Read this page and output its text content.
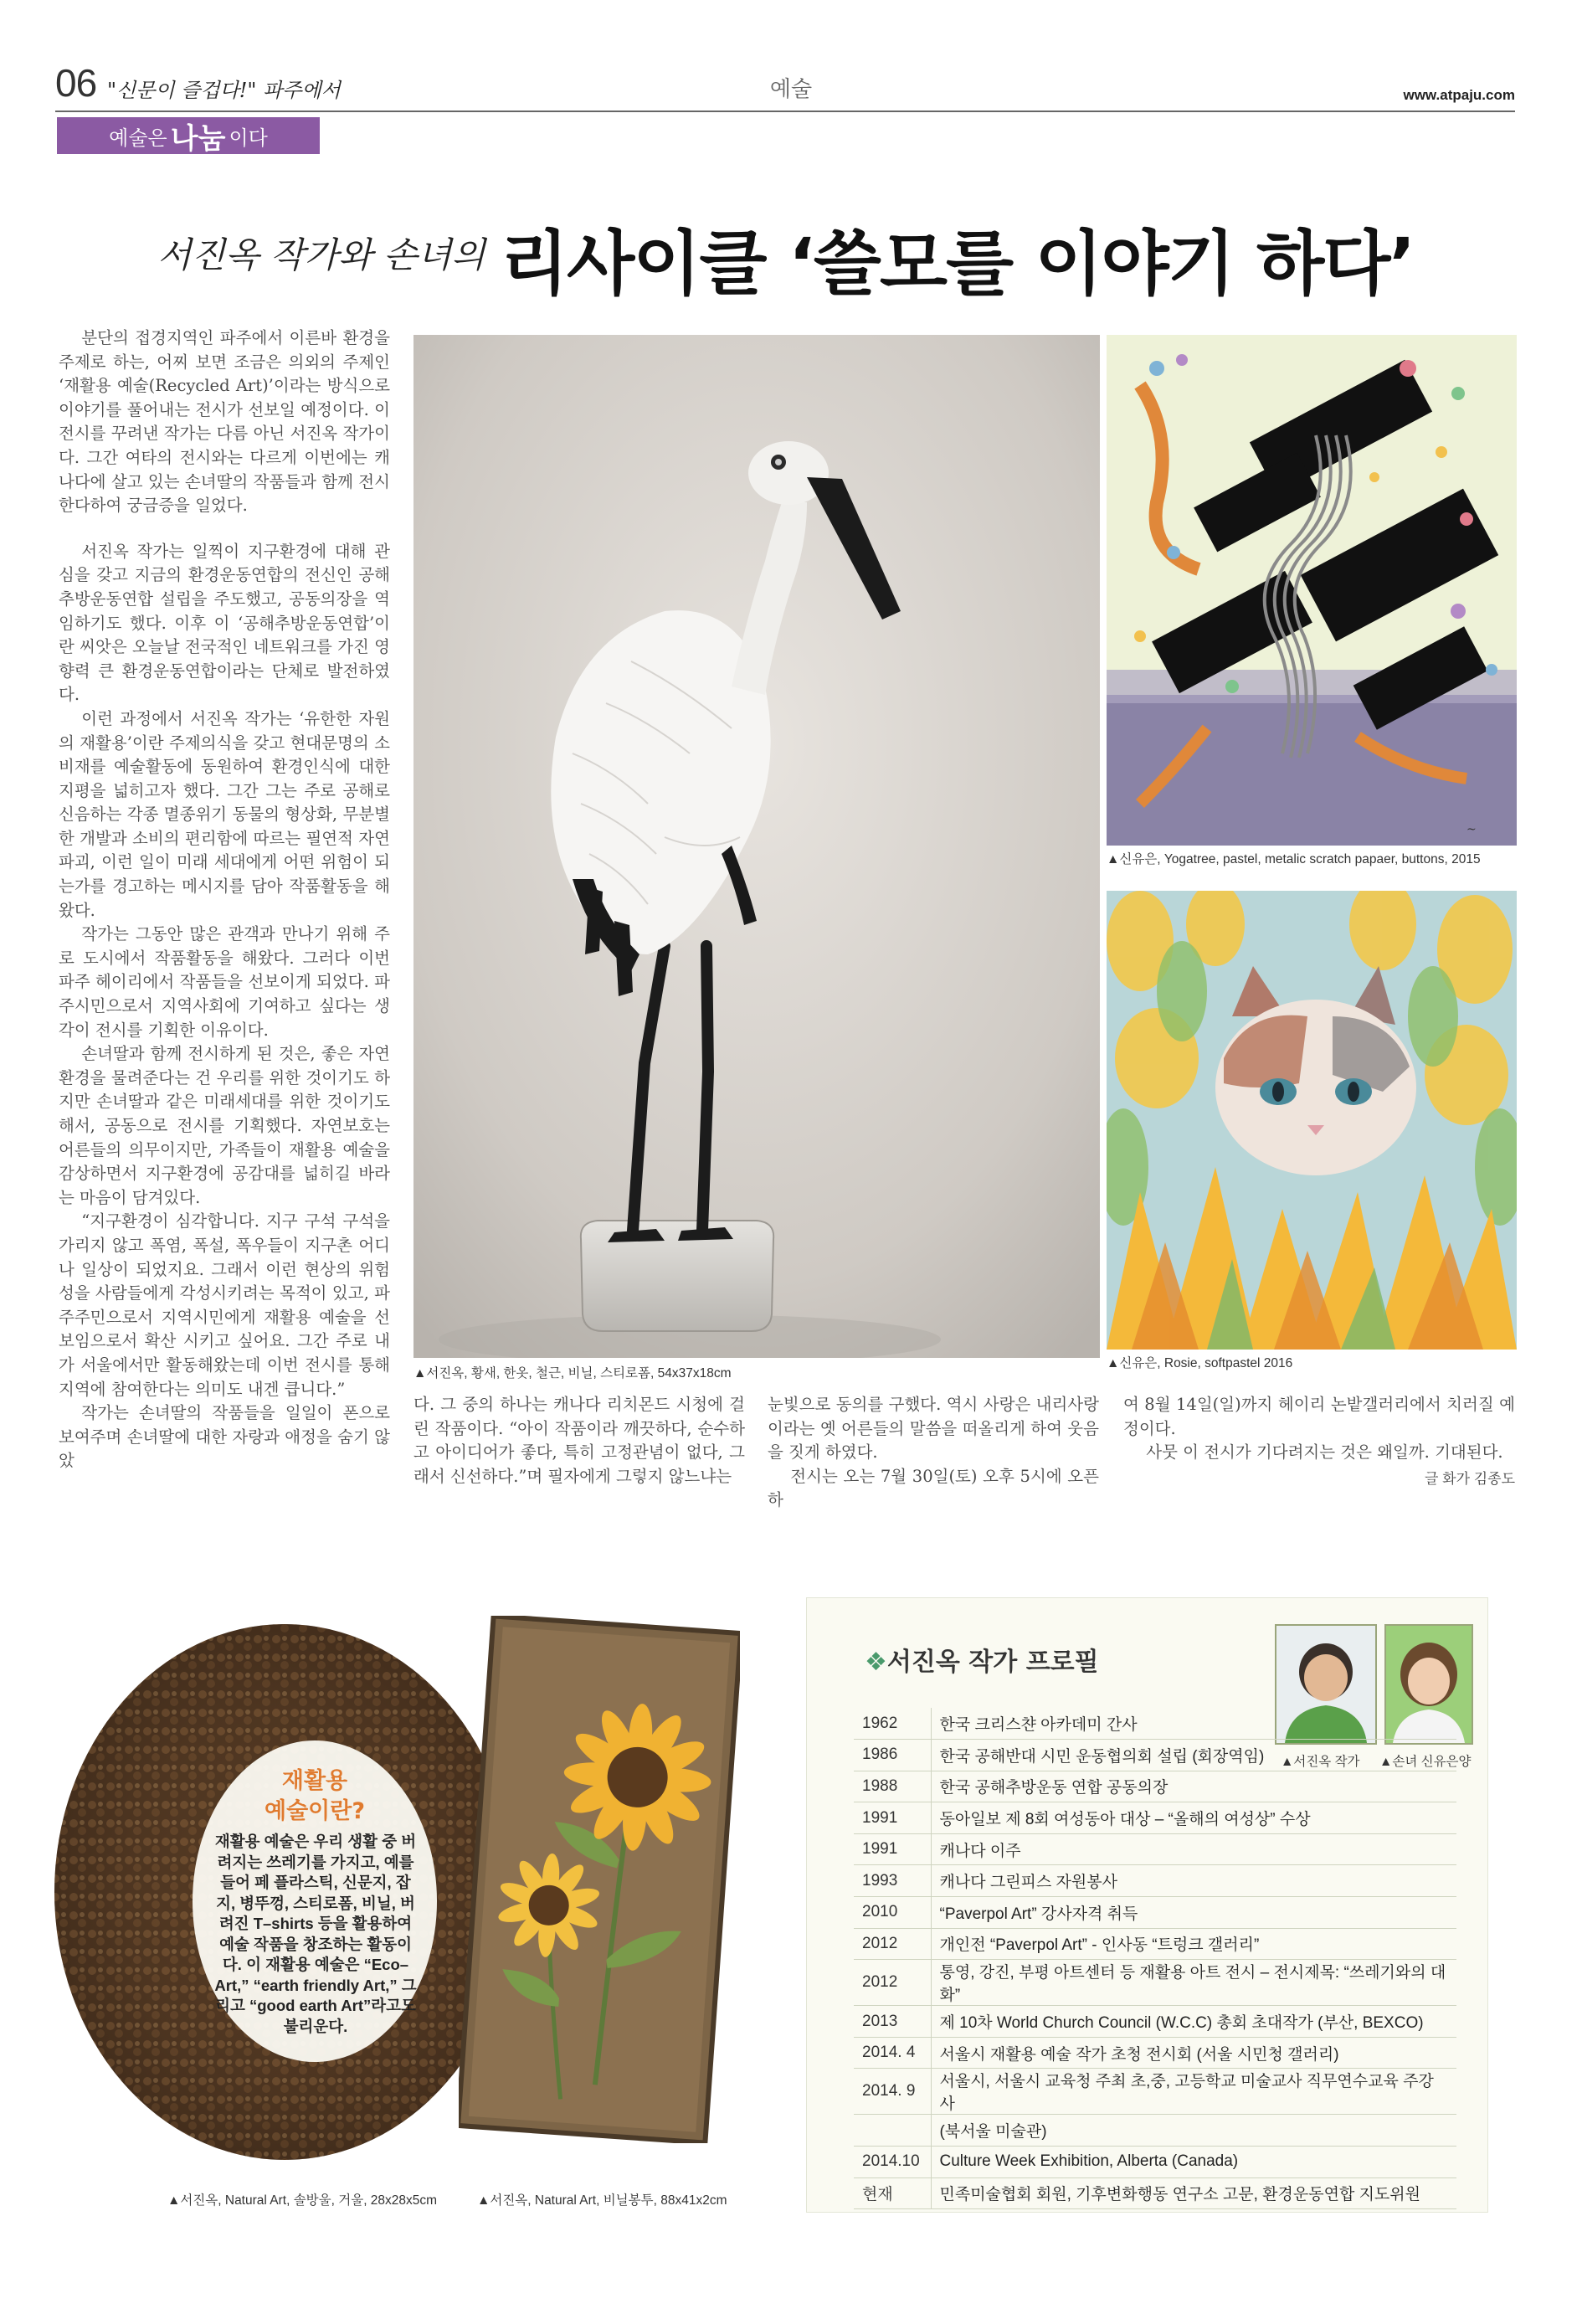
06 "신문이 즐겁다!" 파주에서	예술	www.atpaju.com
예술은 나눔 이다
서진옥 작가와 손녀의 리사이클 ‘쓸모를 이야기 하다’

분단의 접경지역인 파주에서 이른바 환경을 주제로 하는, 어찌 보면 조금은 의외의 주제인 ‘재활용 예술(Recycled Art)’이라는 방식으로 이야기를 풀어내는 전시가 선보일 예정이다. 이 전시를 꾸려낸 작가는 다름 아닌 서진옥 작가이다. 그간 여타의 전시와는 다르게 이번에는 캐나다에 살고 있는 손녀딸의 작품들과 함께 전시한다하여 궁금증을 일었다.

서진옥 작가는 일찍이 지구환경에 대해 관심을 갖고 지금의 환경운동연합의 전신인 공해추방운동연합 설립을 주도했고, 공동의장을 역임하기도 했다. 이후 이 ‘공해추방운동연합’이란 씨앗은 오늘날 전국적인 네트워크를 가진 영향력 큰 환경운동연합이라는 단체로 발전하였다.

이런 과정에서 서진옥 작가는 ‘유한한 자원의 재활용’이란 주제의식을 갖고 현대문명의 소비재를 예술활동에 동원하여 환경인식에 대한 지평을 넓히고자 했다. 그간 그는 주로 공해로 신음하는 각종 멸종위기 동물의 형상화, 무분별한 개발과 소비의 편리함에 따르는 필연적 자연파괴, 이런 일이 미래 세대에게 어떤 위험이 되는가를 경고하는 메시지를 담아 작품활동을 해왔다.

작가는 그동안 많은 관객과 만나기 위해 주로 도시에서 작품활동을 해왔다. 그러다 이번 파주 헤이리에서 작품들을 선보이게 되었다. 파주시민으로서 지역사회에 기여하고 싶다는 생각이 전시를 기획한 이유이다.

손녀딸과 함께 전시하게 된 것은, 좋은 자연환경을 물려준다는 건 우리를 위한 것이기도 하지만 손녀딸과 같은 미래세대를 위한 것이기도 해서, 공동으로 전시를 기획했다. 자연보호는 어른들의 의무이지만, 가족들이 재활용 예술을 감상하면서 지구환경에 공감대를 넓히길 바라는 마음이 담겨있다.

“지구환경이 심각합니다. 지구 구석 구석을 가리지 않고 폭염, 폭설, 폭우들이 지구촌 어디나 일상이 되었지요. 그래서 이런 현상의 위험성을 사람들에게 각성시키려는 목적이 있고, 파주주민으로서 지역시민에게 재활용 예술을 선보임으로서 확산 시키고 싶어요. 그간 주로 내가 서울에서만 활동해왔는데 이번 전시를 통해 지역에 참여한다는 의미도 내겐 큽니다.”

작가는 손녀딸의 작품들을 일일이 폰으로 보여주며 손녀딸에 대한 자랑과 애정을 숨기 않았

▲서진옥, 황새, 한옷, 철근, 비닐, 스티로폼, 54x37x18cm
~
▲신유은, Yogatree, pastel, metalic scratch papaer, buttons, 2015
▲신유은, Rosie, softpastel 2016

다. 그 중의 하나는 캐나다 리치몬드 시청에 걸린 작품이다. “아이 작품이라 깨끗하다, 순수하고 아이디어가 좋다, 특히 고정관념이 없다, 그래서 신선하다.”며 필자에게 그렇지 않느냐는

눈빛으로 동의를 구했다. 역시 사랑은 내리사랑이라는 옛 어른들의 말씀을 떠올리게 하여 웃음을 짓게 하였다.

전시는 오는 7월 30일(토) 오후 5시에 오픈하

여 8월 14일(일)까지 헤이리 논밭갤러리에서 치러질 예정이다.

사뭇 이 전시가 기다려지는 것은 왜일까. 기대된다.

글 화가 김종도
재활용
예술이란?
재활용 예술은 우리 생활 중 버려지는 쓰레기를 가지고, 예를 들어 페 플라스틱, 신문지, 잡지, 병뚜껑, 스티로폼, 비닐, 버려진 T–shirts 등을 활용하여 예술 작품을 창조하는 활동이다. 이 재활용 예술은 “Eco– Art,” “earth friendly Art,” 그리고 “good earth Art”라고도 불리운다.
▲서진옥, Natural Art, 솔방울, 거울, 28x28x5cm	▲서진옥, Natural Art, 비닐봉투, 88x41x2cm
❖서진옥 작가 프로필
▲서진옥 작가 ▲손녀 신유은양
1962	한국 크리스챤 아카데미 간사
1986	한국 공해반대 시민 운동협의회 설립 (회장역임)
1988	한국 공해추방운동 연합 공동의장
1991	동아일보 제 8회 여성동아 대상 – “올해의 여성상” 수상
1991	캐나다 이주
1993	캐나다 그린피스 자원봉사
2010	“Paverpol Art” 강사자격 취득
2012	개인전 “Paverpol Art” - 인사동 “트렁크 갤러리”
2012	통영, 강진, 부평 아트센터 등 재활용 아트 전시 – 전시제목: “쓰레기와의 대화”
2013	제 10차 World Church Council (W.C.C) 총회 초대작가 (부산, BEXCO)
2014. 4	서울시 재활용 예술 작가 초청 전시회 (서울 시민청 갤러리)
2014. 9	서울시, 서울시 교육청 주최 초,중, 고등학교 미술교사 직무연수교육 주강사
	(북서울 미술관)
2014.10	Culture Week Exhibition, Alberta (Canada)
현재	민족미술협회 회원, 기후변화행동 연구소 고문, 환경운동연합 지도위원
